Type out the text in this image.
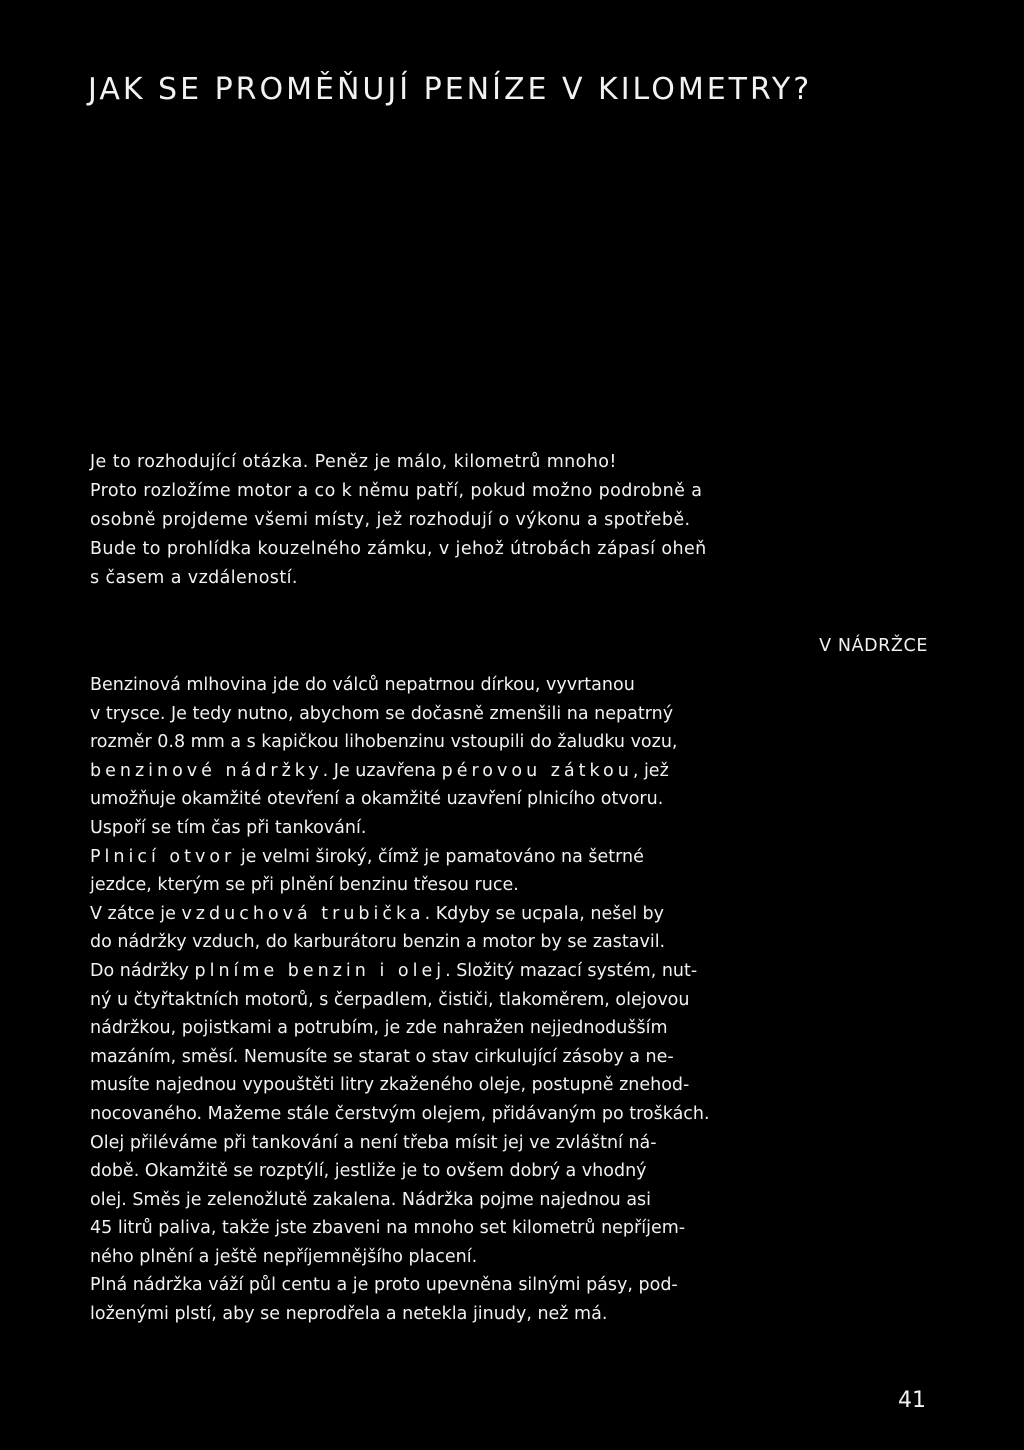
JAK SE PROMĚŇUJÍ PENÍZE V KILOMETRY?
Je to rozhodující otázka. Peněz je málo, kilometrů mnoho!
Proto rozložíme motor a co k němu patří, pokud možno podrobně a
osobně projdeme všemi místy, jež rozhodují o výkonu a spotřebě.
Bude to prohlídka kouzelného zámku, v jehož útrobách zápasí oheň
s časem a vzdáleností.
V NÁDRŽCE
Benzinová mlhovina jde do válců nepatrnou dírkou, vyvrtanou
v trysce. Je tedy nutno, abychom se dočasně zmenšili na nepatrný
rozměr 0.8 mm a s kapičkou lihobenzinu vstoupili do žaludku vozu,
benzinové nádržky. Je uzavřena pérovou zátkou, jež
umožňuje okamžité otevření a okamžité uzavření plnicího otvoru.
Uspoří se tím čas při tankování.
Plnicí otvor je velmi široký, čímž je pamatováno na šetrné
jezdce, kterým se při plnění benzinu třesou ruce.
V zátce je vzduchová trubička. Kdyby se ucpala, nešel by
do nádržky vzduch, do karburátoru benzin a motor by se zastavil.
Do nádržky plníme benzin i olej. Složitý mazací systém, nut-
ný u čtyřtaktních motorů, s čerpadlem, čističi, tlakoměrem, olejovou
nádržkou, pojistkami a potrubím, je zde nahražen nejjednodušším
mazáním, směsí. Nemusíte se starat o stav cirkulující zásoby a ne-
musíte najednou vypouštěti litry zkaženého oleje, postupně znehod-
nocovaného. Mažeme stále čerstvým olejem, přidávaným po troškách.
Olej přiléváme při tankování a není třeba mísit jej ve zvláštní ná-
době. Okamžitě se rozptýlí, jestliže je to ovšem dobrý a vhodný
olej. Směs je zelenožlutě zakalena. Nádržka pojme najednou asi
45 litrů paliva, takže jste zbaveni na mnoho set kilometrů nepříjem-
ného plnění a ještě nepříjemnějšího placení.
Plná nádržka váží půl centu a je proto upevněna silnými pásy, pod-
loženými plstí, aby se neprodřela a netekla jinudy, než má.
41
